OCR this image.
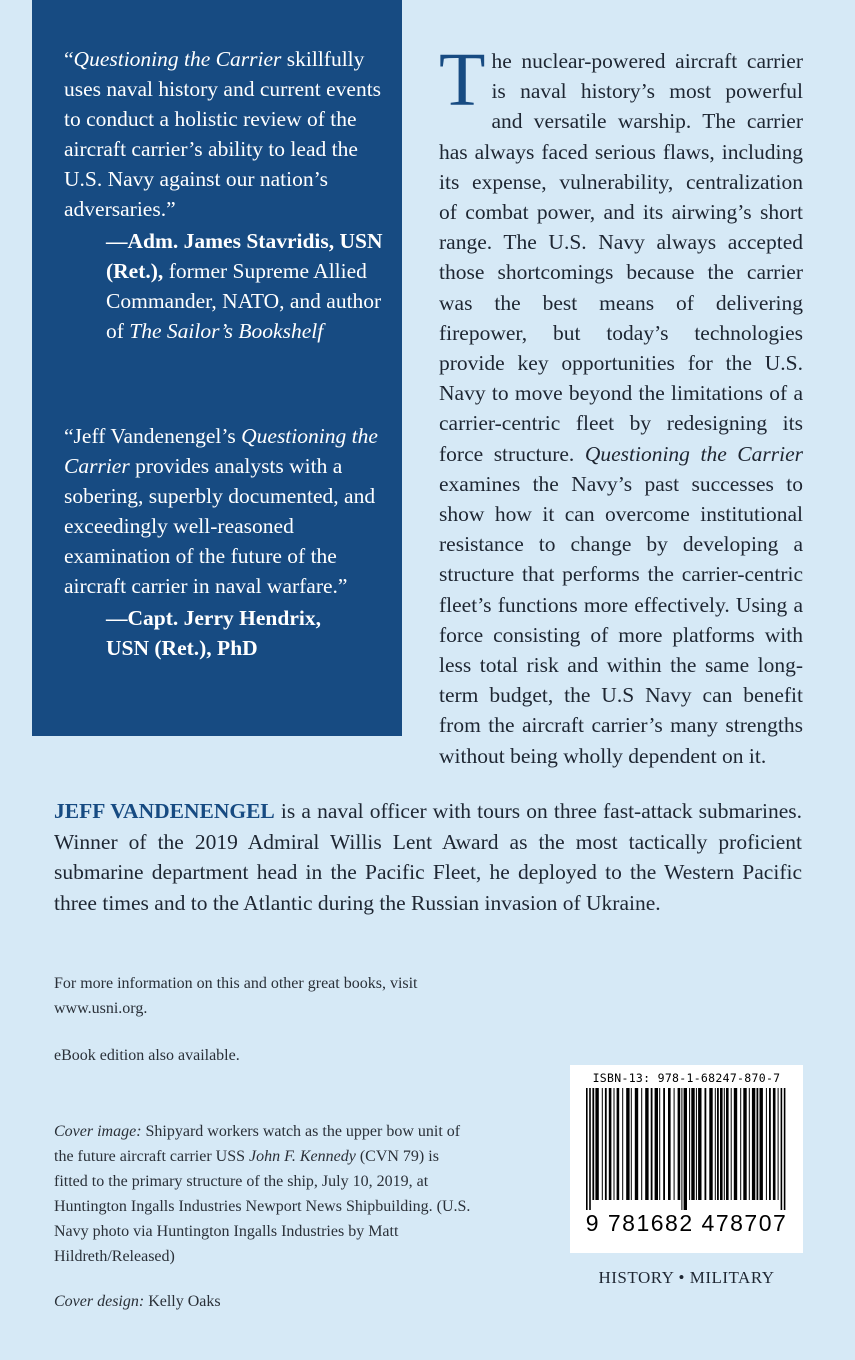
“Questioning the Carrier skillfully uses naval history and current events to conduct a holistic review of the aircraft carrier’s ability to lead the U.S. Navy against our nation’s adversaries.”

—Adm. James Stavridis, USN (Ret.), former Supreme Allied Commander, NATO, and author of The Sailor’s Bookshelf

“Jeff Vandenengel’s Questioning the Carrier provides analysts with a sobering, superbly documented, and exceedingly well-reasoned examination of the future of the aircraft carrier in naval warfare.”

—Capt. Jerry Hendrix,
USN (Ret.), PhD

The nuclear-powered aircraft carrier is naval history’s most powerful and versatile warship. The carrier has always faced serious flaws, including its expense, vulnerability, centralization of combat power, and its airwing’s short range. The U.S. Navy always accepted those shortcomings because the carrier was the best means of delivering firepower, but today’s technologies provide key opportunities for the U.S. Navy to move beyond the limitations of a carrier-centric fleet by redesigning its force structure. Questioning the Carrier examines the Navy’s past successes to show how it can overcome institutional resistance to change by developing a structure that performs the carrier-centric fleet’s functions more effectively. Using a force consisting of more platforms with less total risk and within the same long-term budget, the U.S Navy can benefit from the aircraft carrier’s many strengths without being wholly dependent on it.

JEFF VANDENENGEL is a naval officer with tours on three fast-attack submarines. Winner of the 2019 Admiral Willis Lent Award as the most tactically proficient submarine department head in the Pacific Fleet, he deployed to the Western Pacific three times and to the Atlantic during the Russian invasion of Ukraine.

For more information on this and other great books, visit www.usni.org.

eBook edition also available.

Cover image: Shipyard workers watch as the upper bow unit of the future aircraft carrier USS John F. Kennedy (CVN 79) is fitted to the primary structure of the ship, July 10, 2019, at Huntington Ingalls Industries Newport News Shipbuilding. (U.S. Navy photo via Huntington Ingalls Industries by Matt Hildreth/Released)

Cover design: Kelly Oaks

ISBN-13: 978-1-68247-870-7

9 781682 478707

HISTORY • MILITARY
